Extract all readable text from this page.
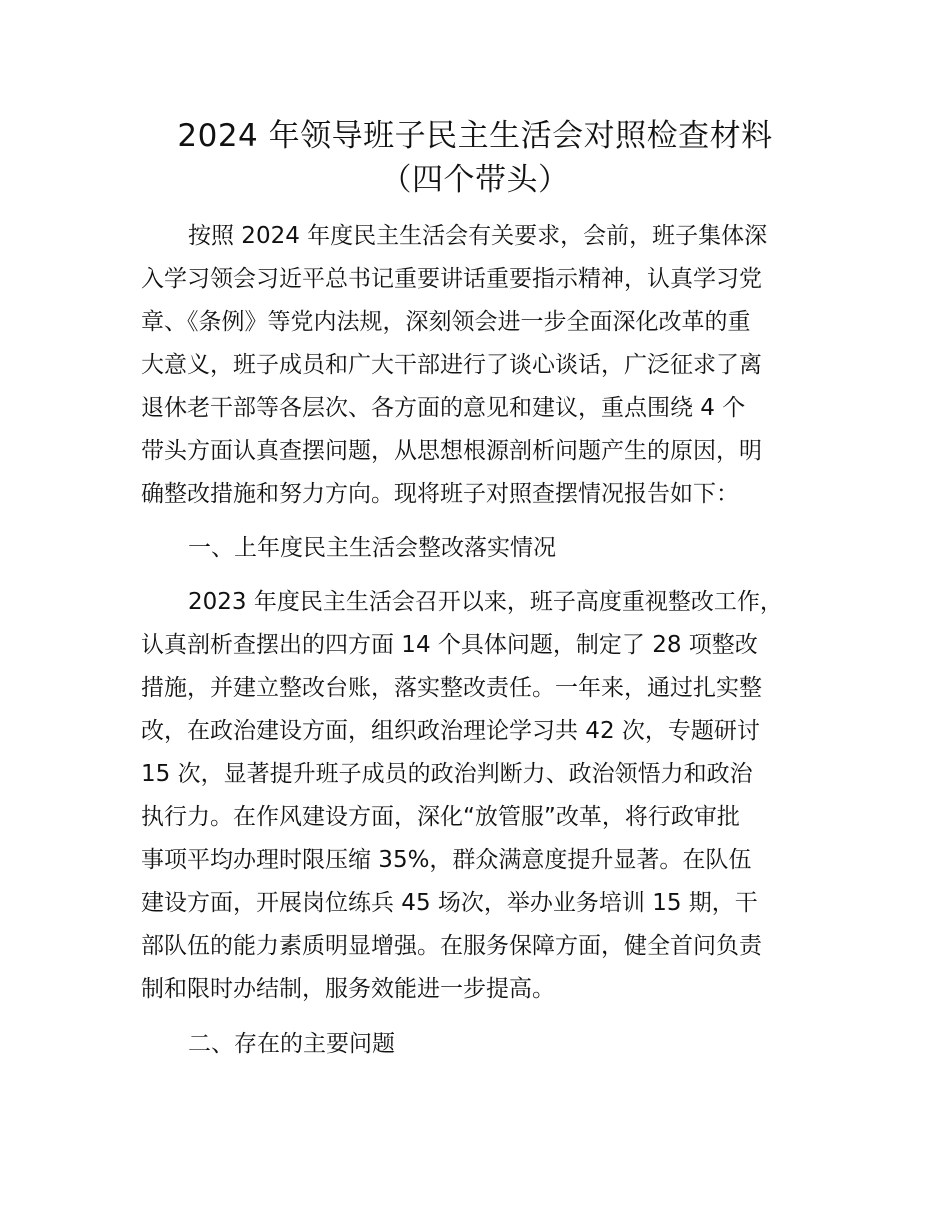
2024 年领导班子民主生活会对照检查材料
（四个带头）
按照 2024 年度民主生活会有关要求，会前，班子集体深
入学习领会习近平总书记重要讲话重要指示精神，认真学习党
章、《条例》等党内法规，深刻领会进一步全面深化改革的重
大意义，班子成员和广大干部进行了谈心谈话，广泛征求了离
退休老干部等各层次、各方面的意见和建议，重点围绕 4 个
带头方面认真查摆问题，从思想根源剖析问题产生的原因，明
确整改措施和努力方向。现将班子对照查摆情况报告如下：
一、上年度民主生活会整改落实情况
2023 年度民主生活会召开以来，班子高度重视整改工作，
认真剖析查摆出的四方面 14 个具体问题，制定了 28 项整改
措施，并建立整改台账，落实整改责任。一年来，通过扎实整
改，在政治建设方面，组织政治理论学习共 42 次，专题研讨
15 次，显著提升班子成员的政治判断力、政治领悟力和政治
执行力。在作风建设方面，深化“放管服”改革，将行政审批
事项平均办理时限压缩 35%，群众满意度提升显著。在队伍
建设方面，开展岗位练兵 45 场次，举办业务培训 15 期，干
部队伍的能力素质明显增强。在服务保障方面，健全首问负责
制和限时办结制，服务效能进一步提高。
二、存在的主要问题
